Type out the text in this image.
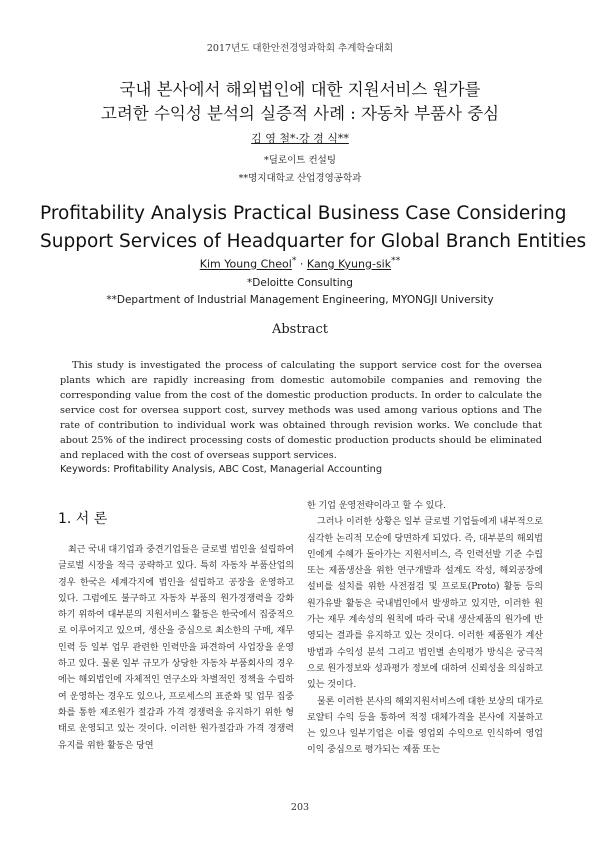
2017년도 대한안전경영과학회 추계학술대회
국내 본사에서 해외법인에 대한 지원서비스 원가를
고려한 수익성 분석의 실증적 사례 : 자동차 부품사 중심
김 영 철*·강 경 식**
*딜로이트 컨설팅
**명지대학교 산업경영공학과
Profitability Analysis Practical Business Case Considering
Support Services of Headquarter for Global Branch Entities
Kim Young Cheol* · Kang Kyung-sik**
*Deloitte Consulting
**Department of Industrial Management Engineering, MYONGJI University
Abstract
This study is investigated the process of calculating the support service cost for the oversea plants which are rapidly increasing from domestic automobile companies and removing the corresponding value from the cost of the domestic production products. In order to calculate the service cost for oversea support cost, survey methods was used among various options and The rate of contribution to individual work was obtained through revision works. We conclude that about 25% of the indirect processing costs of domestic production products should be eliminated and replaced with the cost of overseas support services.
Keywords: Profitability Analysis, ABC Cost, Managerial Accounting
1. 서 론

최근 국내 대기업과 중견기업들은 글로벌 법인을 설립하여 글로벌 시장을 적극 공략하고 있다. 특히 자동차 부품산업의 경우 한국은 세계각지에 법인을 설립하고 공장을 운영하고 있다. 그럼에도 불구하고 자동차 부품의 원가경쟁력을 강화하기 위하여 대부분의 지원서비스 활동은 한국에서 집중적으로 이루어지고 있으며, 생산을 중심으로 최소한의 구매, 재무인력 등 일부 업무 관련한 인력만을 파견하여 사업장을 운영하고 있다. 물론 일부 규모가 상당한 자동차 부품회사의 경우에는 해외법인에 자체적인 연구소와 차별적인 정책을 수립하여 운영하는 경우도 있으나, 프로세스의 표준화 및 업무 집중화를 통한 제조원가 절감과 가격 경쟁력을 유지하기 위한 형태로 운영되고 있는 것이다. 이러한 원가절감과 가격 경쟁력 유지를 위한 활동은 당연

한 기업 운영전략이라고 할 수 있다.

그러나 이러한 상황은 일부 글로벌 기업들에게 내부적으로 심각한 논리적 모순에 당면하게 되었다. 즉, 대부분의 해외법인에게 수혜가 돌아가는 지원서비스, 즉 인력선발 기준 수립 또는 제품생산을 위한 연구개발과 설계도 작성, 해외공장에 설비를 설치를 위한 사전점검 및 프로토(Proto) 활동 등의 원가유발 활동은 국내법인에서 발생하고 있지만, 이러한 원가는 재무 계속성의 원칙에 따라 국내 생산제품의 원가에 반영되는 결과를 유지하고 있는 것이다. 이러한 제품원가 계산방법과 수익성 분석 그리고 법인별 손익평가 방식은 궁극적으로 원가정보와 성과평가 정보에 대하여 신뢰성을 의심하고 있는 것이다.

물론 이러한 본사의 해외지원서비스에 대한 보상의 대가로 로얄티 수익 등을 통하여 적정 대체가격을 본사에 지불하고는 있으나 일부기업은 이를 영업외 수익으로 인식하여 영업이익 중심으로 평가되는 제품 또는

203
